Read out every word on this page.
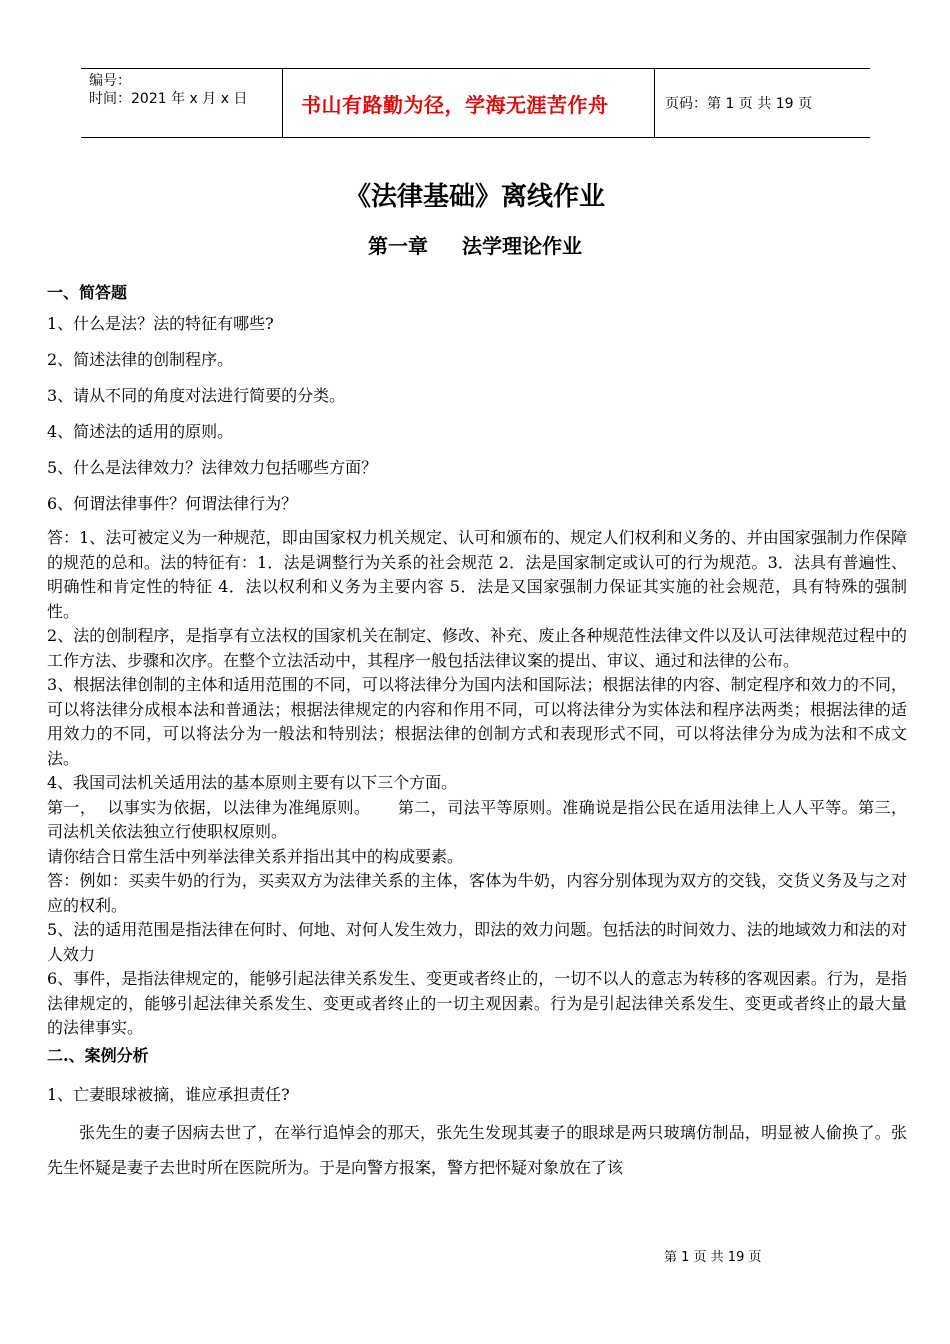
编号：
时间：2021 年 x 月 x 日	书山有路勤为径，学海无涯苦作舟	页码：第 1 页 共 19 页
《法律基础》离线作业
第一章 法学理论作业
一、简答题
1、什么是法？法的特征有哪些?
2、简述法律的创制程序。
3、请从不同的角度对法进行简要的分类。
4、简述法的适用的原则。
5、什么是法律效力？法律效力包括哪些方面？
6、何谓法律事件？何谓法律行为？

答：1、法可被定义为一种规范，即由国家权力机关规定、认可和颁布的、规定人们权利和义务的、并由国家强制力作保障的规范的总和。法的特征有：1．法是调整行为关系的社会规范 2．法是国家制定或认可的行为规范。3．法具有普遍性、明确性和肯定性的特征 4．法以权利和义务为主要内容 5．法是又国家强制力保证其实施的社会规范，具有特殊的强制性。

2、法的创制程序，是指享有立法权的国家机关在制定、修改、补充、废止各种规范性法律文件以及认可法律规范过程中的工作方法、步骤和次序。在整个立法活动中，其程序一般包括法律议案的提出、审议、通过和法律的公布。

3、根据法律创制的主体和适用范围的不同，可以将法律分为国内法和国际法；根据法律的内容、制定程序和效力的不同，可以将法律分成根本法和普通法；根据法律规定的内容和作用不同，可以将法律分为实体法和程序法两类；根据法律的适用效力的不同，可以将法分为一般法和特别法；根据法律的创制方式和表现形式不同，可以将法律分为成为法和不成文法。

4、我国司法机关适用法的基本原则主要有以下三个方面。

第一，  以事实为依据，以法律为准绳原则。     第二，司法平等原则。准确说是指公民在适用法律上人人平等。第三，   司法机关依法独立行使职权原则。

请你结合日常生活中列举法律关系并指出其中的构成要素。

答：例如：买卖牛奶的行为，买卖双方为法律关系的主体，客体为牛奶，内容分别体现为双方的交钱，交货义务及与之对应的权利。

5、法的适用范围是指法律在何时、何地、对何人发生效力，即法的效力问题。包括法的时间效力、法的地域效力和法的对人效力

6、事件，是指法律规定的，能够引起法律关系发生、变更或者终止的，一切不以人的意志为转移的客观因素。行为，是指法律规定的，能够引起法律关系发生、变更或者终止的一切主观因素。行为是引起法律关系发生、变更或者终止的最大量的法律事实。

二.、案例分析
1、亡妻眼球被摘，谁应承担责任?
张先生的妻子因病去世了，在举行追悼会的那天，张先生发现其妻子的眼球是两只玻璃仿制品，明显被人偷换了。张先生怀疑是妻子去世时所在医院所为。于是向警方报案，警方把怀疑对象放在了该
第 1 页 共 19 页
